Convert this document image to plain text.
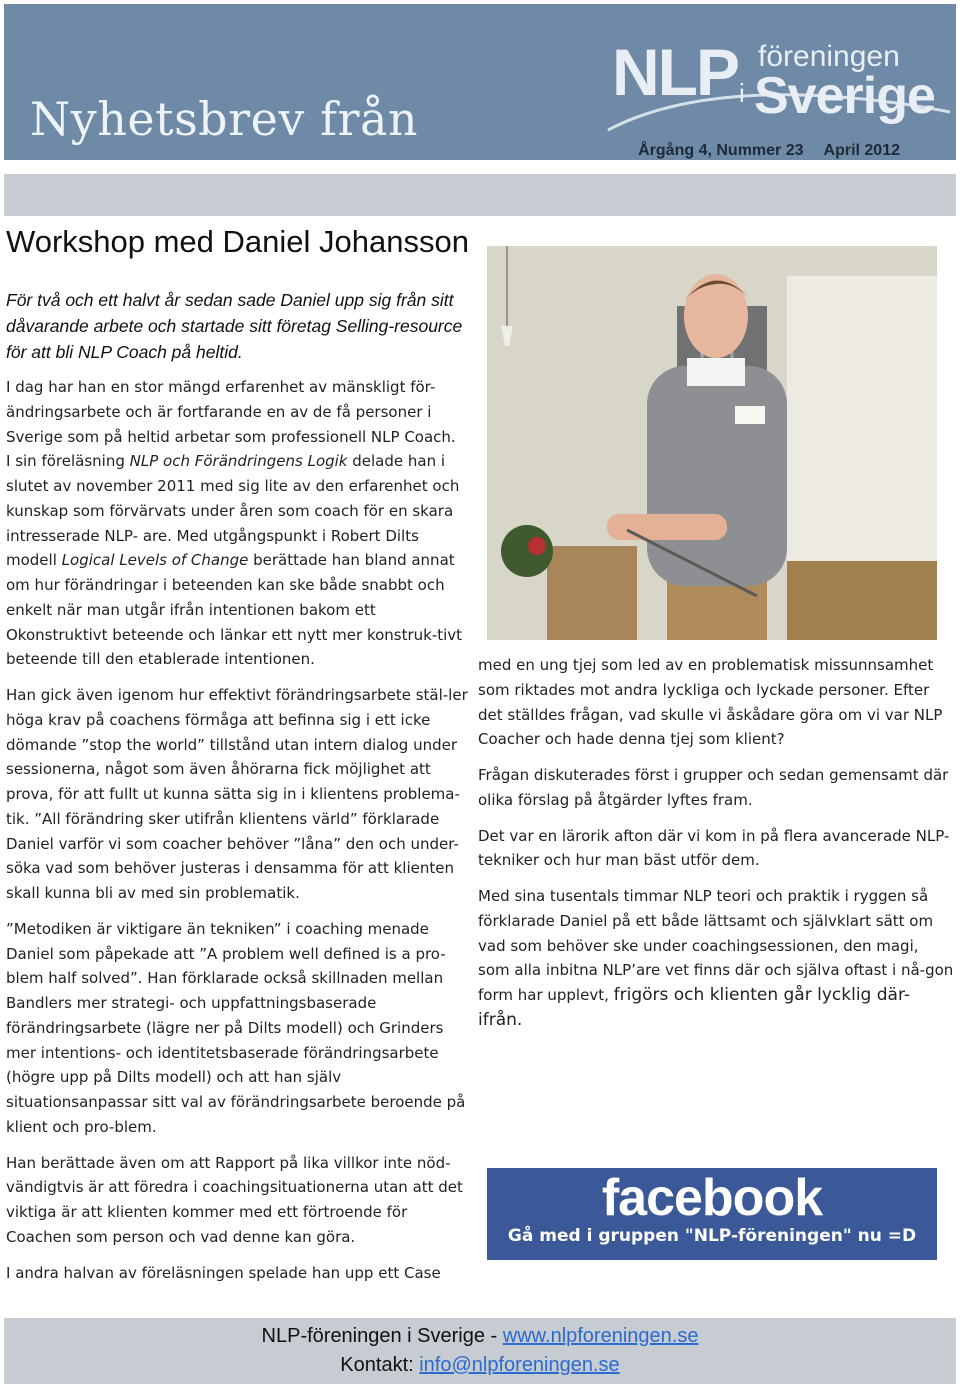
Nyhetsbrev från
NLP föreningen
i Sverige
Årgång 4, Nummer 23 April 2012
Workshop med Daniel Johansson

För två och ett halvt år sedan sade Daniel upp sig från sitt dåvarande arbete och startade sitt företag Selling-resource för att bli NLP Coach på heltid.

I dag har han en stor mängd erfarenhet av mänskligt för-ändringsarbete och är fortfarande en av de få personer i Sverige som på heltid arbetar som professionell NLP Coach.

I sin föreläsning NLP och Förändringens Logik delade han i slutet av november 2011 med sig lite av den erfarenhet och kunskap som förvärvats under åren som coach för en skara intresserade NLP- are. Med utgångspunkt i Robert Dilts modell Logical Levels of Change berättade han bland annat om hur förändringar i beteenden kan ske både snabbt och enkelt när man utgår ifrån intentionen bakom ett Okonstruktivt beteende och länkar ett nytt mer konstruk-tivt beteende till den etablerade intentionen.

Han gick även igenom hur effektivt förändringsarbete stäl-ler höga krav på coachens förmåga att befinna sig i ett icke dömande ”stop the world” tillstånd utan intern dialog under sessionerna, något som även åhörarna fick möjlighet att prova, för att fullt ut kunna sätta sig in i klientens problema-tik. ”All förändring sker utifrån klientens värld” förklarade Daniel varför vi som coacher behöver ”låna” den och under-söka vad som behöver justeras i densamma för att klienten skall kunna bli av med sin problematik.

”Metodiken är viktigare än tekniken” i coaching menade Daniel som påpekade att ”A problem well defined is a pro-blem half solved”. Han förklarade också skillnaden mellan Bandlers mer strategi- och uppfattningsbaserade förändringsarbete (lägre ner på Dilts modell) och Grinders mer intentions- och identitetsbaserade förändringsarbete (högre upp på Dilts modell) och att han själv situationsanpassar sitt val av förändringsarbete beroende på klient och pro-blem.

Han berättade även om att Rapport på lika villkor inte nöd-vändigtvis är att föredra i coachingsituationerna utan att det viktiga är att klienten kommer med ett förtroende för Coachen som person och vad denne kan göra.

I andra halvan av föreläsningen spelade han upp ett Case

med en ung tjej som led av en problematisk missunnsamhet som riktades mot andra lyckliga och lyckade personer. Efter det ställdes frågan, vad skulle vi åskådare göra om vi var NLP Coacher och hade denna tjej som klient?

Frågan diskuterades först i grupper och sedan gemensamt där olika förslag på åtgärder lyftes fram.

Det var en lärorik afton där vi kom in på flera avancerade NLP- tekniker och hur man bäst utför dem.

Med sina tusentals timmar NLP teori och praktik i ryggen så förklarade Daniel på ett både lättsamt och självklart sätt om vad som behöver ske under coachingsessionen, den magi, som alla inbitna NLP’are vet finns där och själva oftast i nå-gon form har upplevt, frigörs och klienten går lycklig där-ifrån.

facebook
Gå med i gruppen "NLP-föreningen" nu =D
NLP-föreningen i Sverige - www.nlpforeningen.se
Kontakt: info@nlpforeningen.se
